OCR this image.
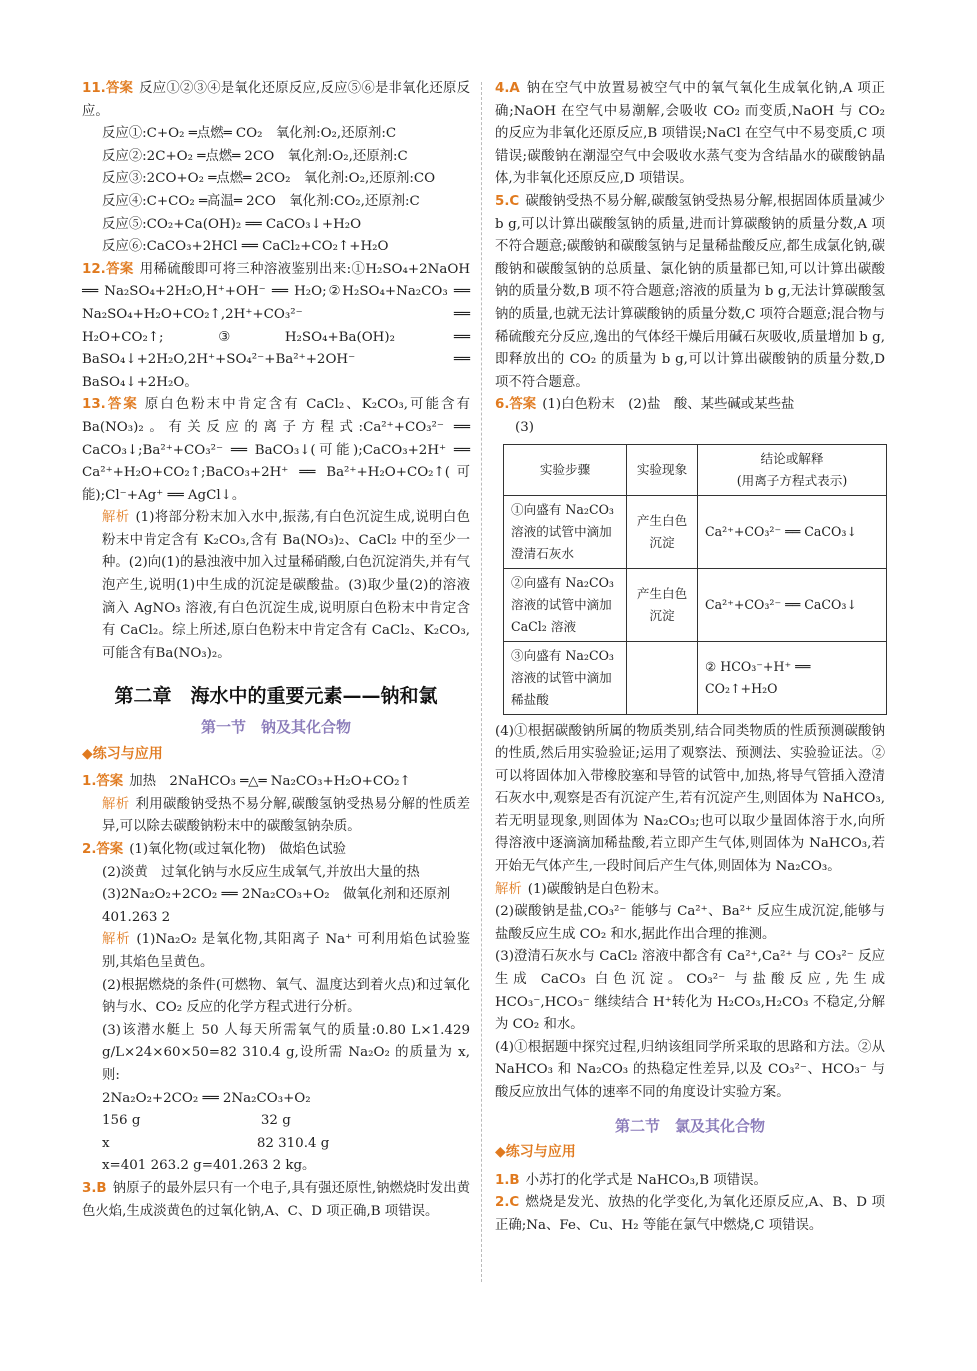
11.答案 反应①②③④是氧化还原反应,反应⑤⑥是非氧化还原反应。

反应①:C+O₂ ═点燃═ CO₂　氧化剂:O₂,还原剂:C

反应②:2C+O₂ ═点燃═ 2CO　氧化剂:O₂,还原剂:C

反应③:2CO+O₂ ═点燃═ 2CO₂　氧化剂:O₂,还原剂:CO

反应④:C+CO₂ ═高温═ 2CO　氧化剂:CO₂,还原剂:C

反应⑤:CO₂+Ca(OH)₂ ══ CaCO₃↓+H₂O

反应⑥:CaCO₃+2HCl ══ CaCl₂+CO₂↑+H₂O

12.答案 用稀硫酸即可将三种溶液鉴别出来:①H₂SO₄+2NaOH ══ Na₂SO₄+2H₂O,H⁺+OH⁻ ══ H₂O;②H₂SO₄+Na₂CO₃ ══ Na₂SO₄+H₂O+CO₂↑,2H⁺+CO₃²⁻ ══ H₂O+CO₂↑;③H₂SO₄+Ba(OH)₂ ══ BaSO₄↓+2H₂O,2H⁺+SO₄²⁻+Ba²⁺+2OH⁻ ══ BaSO₄↓+2H₂O。

13.答案 原白色粉末中肯定含有 CaCl₂、K₂CO₃,可能含有 Ba(NO₃)₂。有关反应的离子方程式:Ca²⁺+CO₃²⁻ ══ CaCO₃↓;Ba²⁺+CO₃²⁻ ══ BaCO₃↓(可能);CaCO₃+2H⁺ ══ Ca²⁺+H₂O+CO₂↑;BaCO₃+2H⁺ ══ Ba²⁺+H₂O+CO₂↑(可能);Cl⁻+Ag⁺ ══ AgCl↓。

解析 (1)将部分粉末加入水中,振荡,有白色沉淀生成,说明白色粉末中肯定含有 K₂CO₃,含有 Ba(NO₃)₂、CaCl₂ 中的至少一种。(2)向(1)的悬浊液中加入过量稀硝酸,白色沉淀消失,并有气泡产生,说明(1)中生成的沉淀是碳酸盐。(3)取少量(2)的溶液滴入 AgNO₃ 溶液,有白色沉淀生成,说明原白色粉末中肯定含有 CaCl₂。综上所述,原白色粉末中肯定含有 CaCl₂、K₂CO₃,可能含有Ba(NO₃)₂。

第二章　海水中的重要元素——钠和氯
第一节　钠及其化合物
◆练习与应用

1.答案 加热　2NaHCO₃ ═△═ Na₂CO₃+H₂O+CO₂↑

解析 利用碳酸钠受热不易分解,碳酸氢钠受热易分解的性质差异,可以除去碳酸钠粉末中的碳酸氢钠杂质。

2.答案 (1)氧化物(或过氧化物)　做焰色试验

(2)淡黄　过氧化钠与水反应生成氧气,并放出大量的热

(3)2Na₂O₂+2CO₂ ══ 2Na₂CO₃+O₂　做氧化剂和还原剂

401.263 2

解析 (1)Na₂O₂ 是氧化物,其阳离子 Na⁺ 可利用焰色试验鉴别,其焰色呈黄色。

(2)根据燃烧的条件(可燃物、氧气、温度达到着火点)和过氧化钠与水、CO₂ 反应的化学方程式进行分析。

(3)该潜水艇上 50 人每天所需氧气的质量:0.80 L×1.429 g/L×24×60×50=82 310.4 g,设所需 Na₂O₂ 的质量为 x,则:

2Na₂O₂+2CO₂ ══ 2Na₂CO₃+O₂

156 g　　　　　　　　　32 g

x　　　　　　　　　　　82 310.4 g

x=401 263.2 g=401.263 2 kg。

3.B 钠原子的最外层只有一个电子,具有强还原性,钠燃烧时发出黄色火焰,生成淡黄色的过氧化钠,A、C、D 项正确,B 项错误。

4.A 钠在空气中放置易被空气中的氧气氧化生成氧化钠,A 项正确;NaOH 在空气中易潮解,会吸收 CO₂ 而变质,NaOH 与 CO₂ 的反应为非氧化还原反应,B 项错误;NaCl 在空气中不易变质,C 项错误;碳酸钠在潮湿空气中会吸收水蒸气变为含结晶水的碳酸钠晶体,为非氧化还原反应,D 项错误。

5.C 碳酸钠受热不易分解,碳酸氢钠受热易分解,根据固体质量减少 b g,可以计算出碳酸氢钠的质量,进而计算碳酸钠的质量分数,A 项不符合题意;碳酸钠和碳酸氢钠与足量稀盐酸反应,都生成氯化钠,碳酸钠和碳酸氢钠的总质量、氯化钠的质量都已知,可以计算出碳酸钠的质量分数,B 项不符合题意;溶液的质量为 b g,无法计算碳酸氢钠的质量,也就无法计算碳酸钠的质量分数,C 项符合题意;混合物与稀硫酸充分反应,逸出的气体经干燥后用碱石灰吸收,质量增加 b g,即释放出的 CO₂ 的质量为 b g,可以计算出碳酸钠的质量分数,D 项不符合题意。

6.答案 (1)白色粉末　(2)盐　酸、某些碱或某些盐

(3)

实验步骤	实验现象	结论或解释
(用离子方程式表示)
①向盛有 Na₂CO₃ 溶液的试管中滴加澄清石灰水	产生白色沉淀	Ca²⁺+CO₃²⁻ ══ CaCO₃↓
②向盛有 Na₂CO₃ 溶液的试管中滴加 CaCl₂ 溶液	产生白色沉淀	Ca²⁺+CO₃²⁻ ══ CaCO₃↓
③向盛有 Na₂CO₃ 溶液的试管中滴加稀盐酸		② HCO₃⁻+H⁺ ══ CO₂↑+H₂O

(4)①根据碳酸钠所属的物质类别,结合同类物质的性质预测碳酸钠的性质,然后用实验验证;运用了观察法、预测法、实验验证法。②可以将固体加入带橡胶塞和导管的试管中,加热,将导气管插入澄清石灰水中,观察是否有沉淀产生,若有沉淀产生,则固体为 NaHCO₃,若无明显现象,则固体为 Na₂CO₃;也可以取少量固体溶于水,向所得溶液中逐滴滴加稀盐酸,若立即产生气体,则固体为 NaHCO₃,若开始无气体产生,一段时间后产生气体,则固体为 Na₂CO₃。

解析 (1)碳酸钠是白色粉末。

(2)碳酸钠是盐,CO₃²⁻ 能够与 Ca²⁺、Ba²⁺ 反应生成沉淀,能够与盐酸反应生成 CO₂ 和水,据此作出合理的推测。

(3)澄清石灰水与 CaCl₂ 溶液中都含有 Ca²⁺,Ca²⁺ 与 CO₃²⁻ 反应生成 CaCO₃ 白色沉淀。CO₃²⁻ 与盐酸反应,先生成 HCO₃⁻,HCO₃⁻ 继续结合 H⁺转化为 H₂CO₃,H₂CO₃ 不稳定,分解为 CO₂ 和水。

(4)①根据题中探究过程,归纳该组同学所采取的思路和方法。②从 NaHCO₃ 和 Na₂CO₃ 的热稳定性差异,以及 CO₃²⁻、HCO₃⁻ 与酸反应放出气体的速率不同的角度设计实验方案。

第二节　氯及其化合物
◆练习与应用

1.B 小苏打的化学式是 NaHCO₃,B 项错误。

2.C 燃烧是发光、放热的化学变化,为氧化还原反应,A、B、D 项正确;Na、Fe、Cu、H₂ 等能在氯气中燃烧,C 项错误。
